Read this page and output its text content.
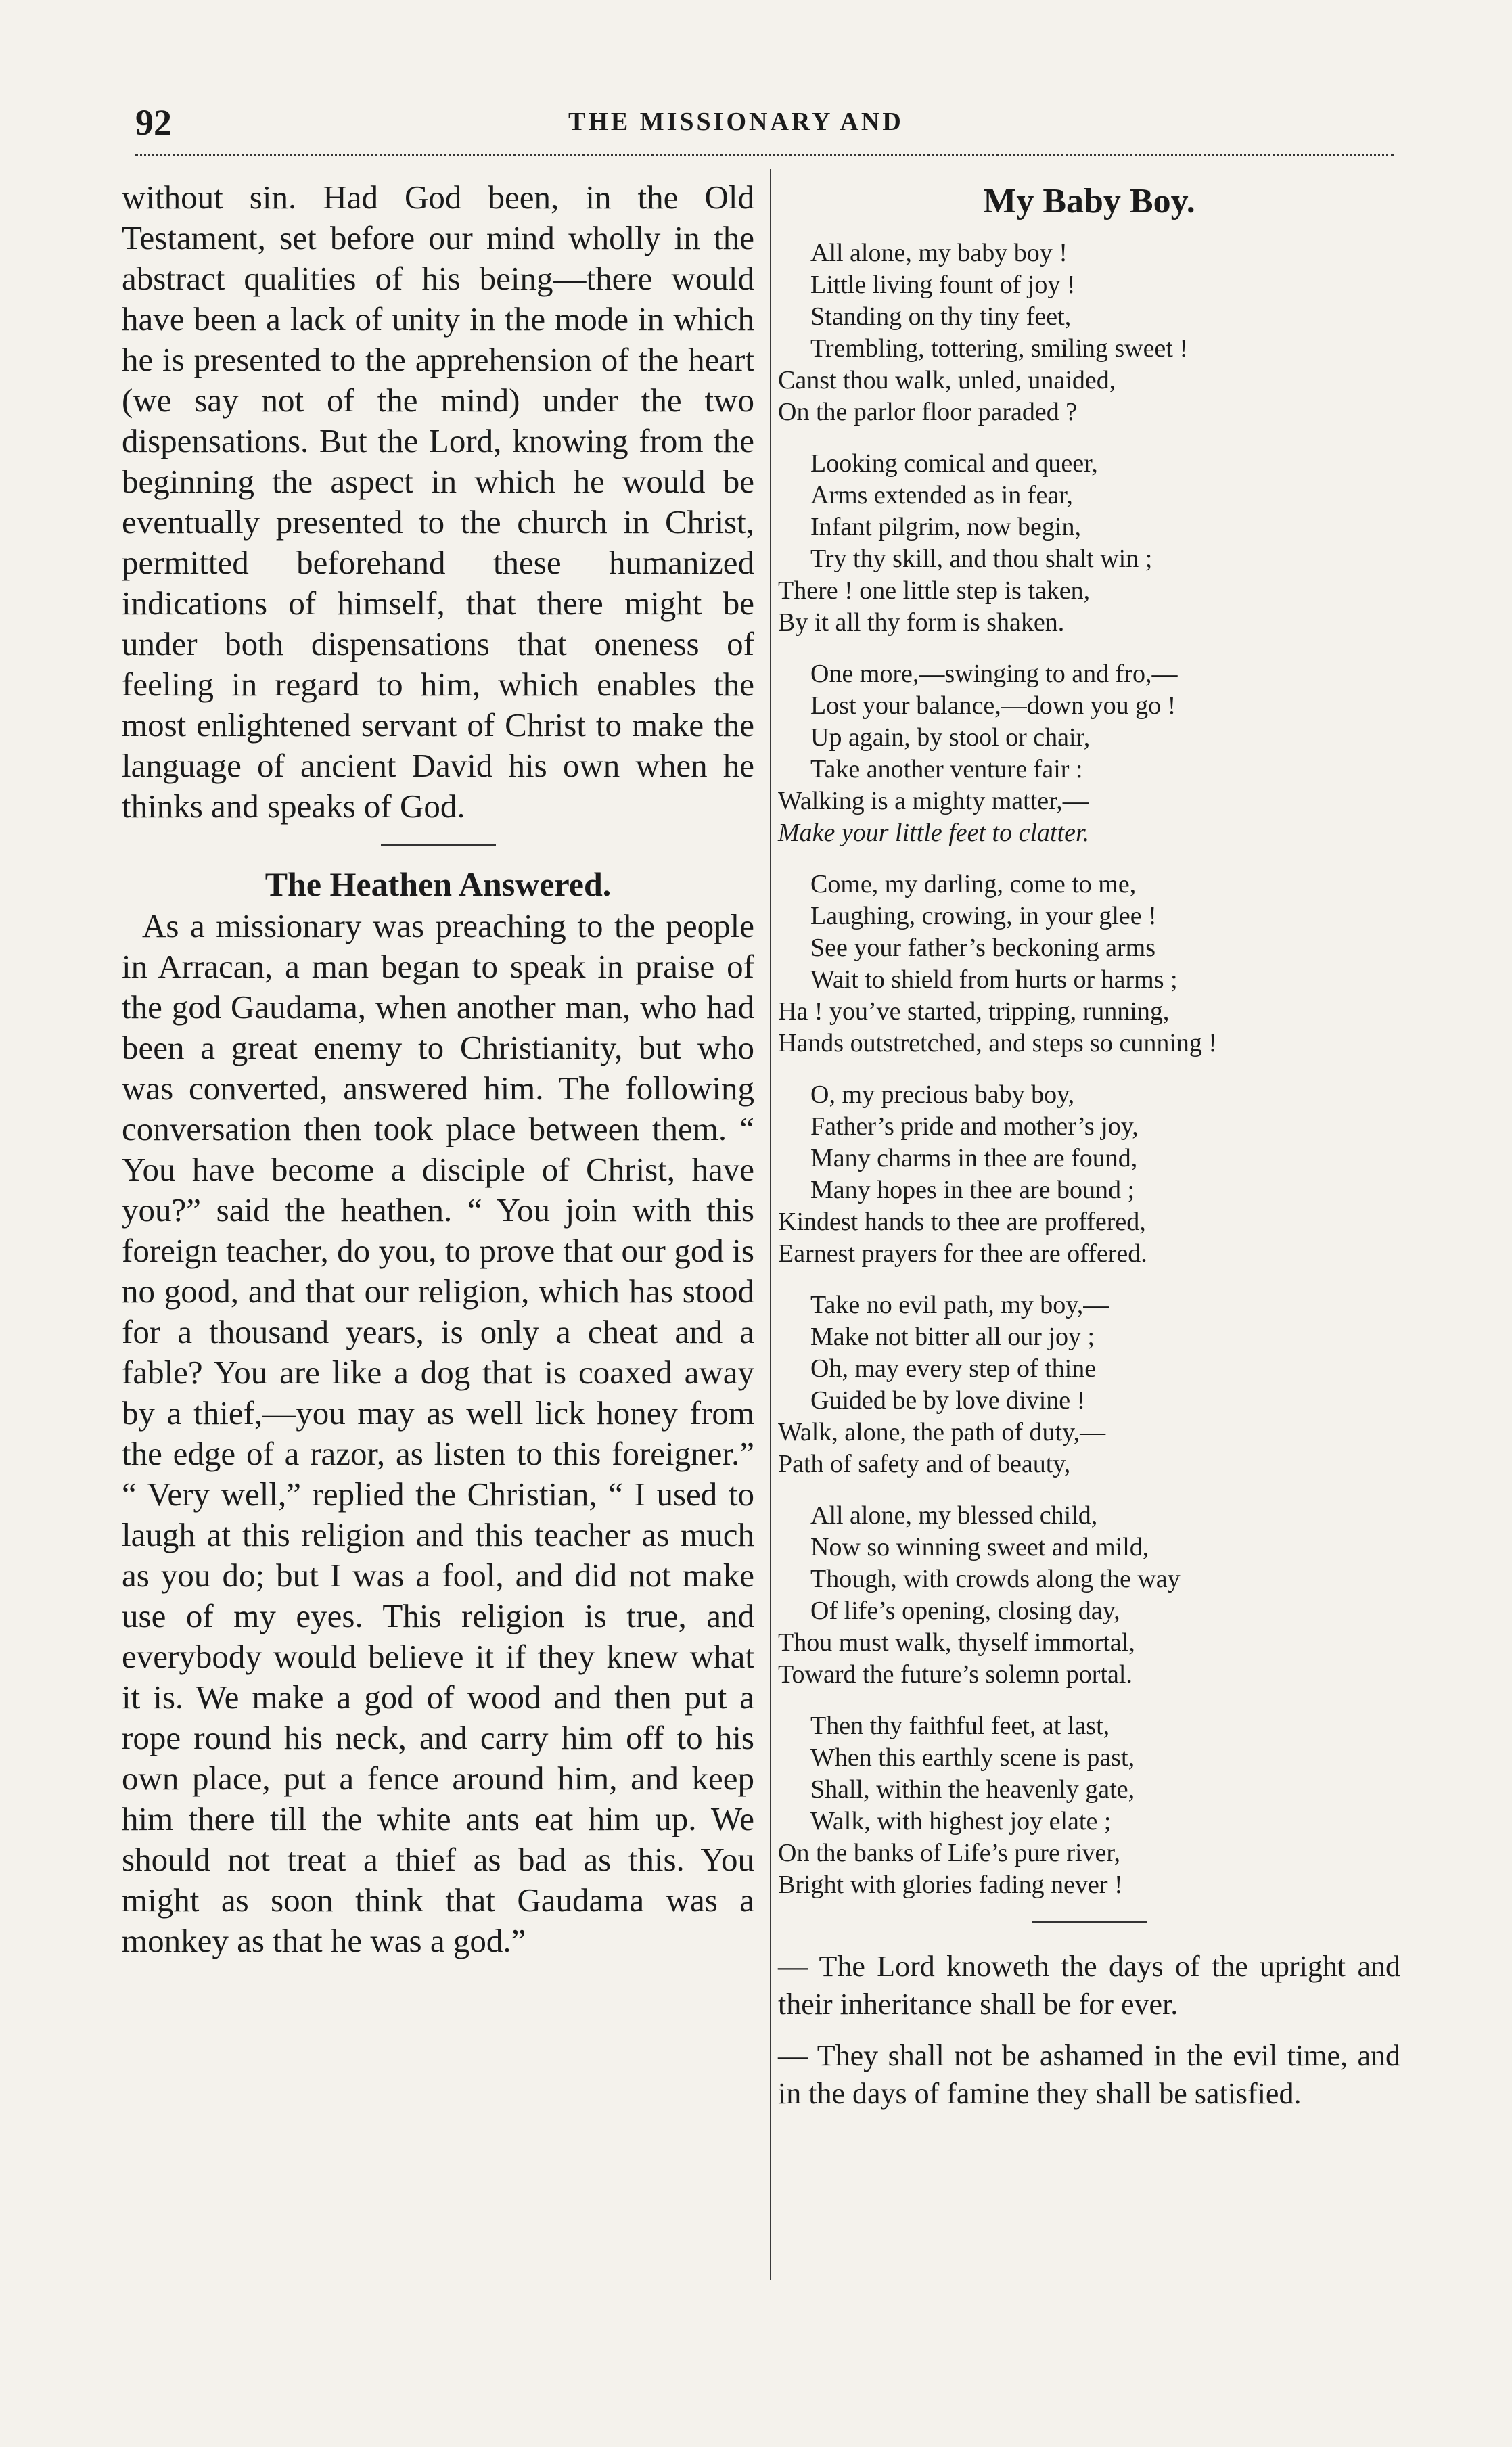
92	THE MISSIONARY AND

without sin. Had God been, in the Old Testament, set before our mind wholly in the abstract qualities of his being—there would have been a lack of unity in the mode in which he is presented to the apprehension of the heart (we say not of the mind) under the two dispensations. But the Lord, knowing from the beginning the aspect in which he would be eventually presented to the church in Christ, permitted beforehand these humanized indications of himself, that there might be under both dispensations that oneness of feeling in regard to him, which enables the most enlightened servant of Christ to make the language of ancient David his own when he thinks and speaks of God.

The Heathen Answered.

As a missionary was preaching to the people in Arracan, a man began to speak in praise of the god Gaudama, when another man, who had been a great enemy to Christianity, but who was converted, answered him. The following conversation then took place between them. “ You have become a disciple of Christ, have you?” said the heathen. “ You join with this foreign teacher, do you, to prove that our god is no good, and that our religion, which has stood for a thousand years, is only a cheat and a fable? You are like a dog that is coaxed away by a thief,—you may as well lick honey from the edge of a razor, as listen to this foreigner.” “ Very well,” replied the Christian, “ I used to laugh at this religion and this teacher as much as you do; but I was a fool, and did not make use of my eyes. This religion is true, and everybody would believe it if they knew what it is. We make a god of wood and then put a rope round his neck, and carry him off to his own place, put a fence around him, and keep him there till the white ants eat him up. We should not treat a thief as bad as this. You might as soon think that Gaudama was a monkey as that he was a god.”

My Baby Boy.
All alone, my baby boy !
Little living fount of joy !
Standing on thy tiny feet,
Trembling, tottering, smiling sweet !
Canst thou walk, unled, unaided,
On the parlor floor paraded ?
Looking comical and queer,
Arms extended as in fear,
Infant pilgrim, now begin,
Try thy skill, and thou shalt win ;
There ! one little step is taken,
By it all thy form is shaken.
One more,—swinging to and fro,—
Lost your balance,—down you go !
Up again, by stool or chair,
Take another venture fair :
Walking is a mighty matter,—
Make your little feet to clatter.
Come, my darling, come to me,
Laughing, crowing, in your glee !
See your father’s beckoning arms
Wait to shield from hurts or harms ;
Ha ! you’ve started, tripping, running,
Hands outstretched, and steps so cunning !
O, my precious baby boy,
Father’s pride and mother’s joy,
Many charms in thee are found,
Many hopes in thee are bound ;
Kindest hands to thee are proffered,
Earnest prayers for thee are offered.
Take no evil path, my boy,—
Make not bitter all our joy ;
Oh, may every step of thine
Guided be by love divine !
Walk, alone, the path of duty,—
Path of safety and of beauty,
All alone, my blessed child,
Now so winning sweet and mild,
Though, with crowds along the way
Of life’s opening, closing day,
Thou must walk, thyself immortal,
Toward the future’s solemn portal.
Then thy faithful feet, at last,
When this earthly scene is past,
Shall, within the heavenly gate,
Walk, with highest joy elate ;
On the banks of Life’s pure river,
Bright with glories fading never !

— The Lord knoweth the days of the upright and their inheritance shall be for ever.

— They shall not be ashamed in the evil time, and in the days of famine they shall be satisfied.
